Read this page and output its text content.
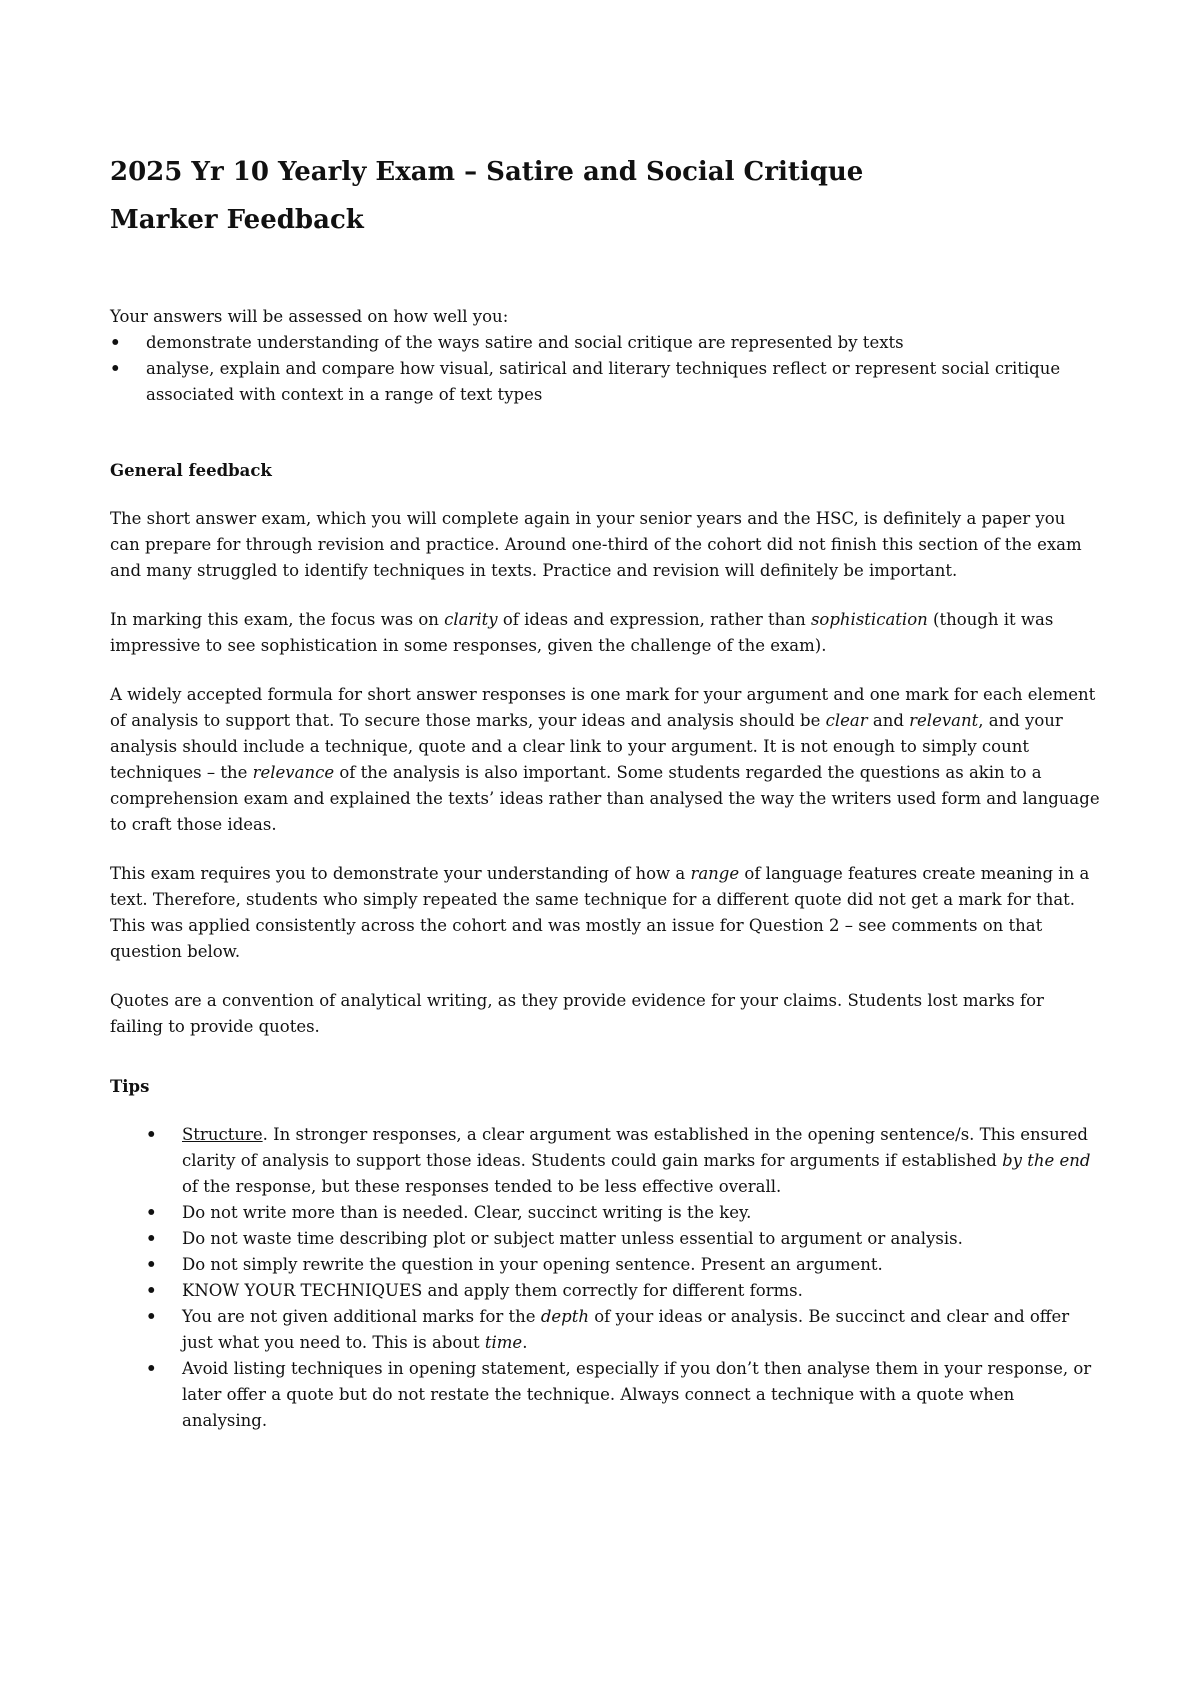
2025 Yr 10 Yearly Exam – Satire and Social Critique
Marker Feedback

Your answers will be assessed on how well you:

• demonstrate understanding of the ways satire and social critique are represented by texts
• analyse, explain and compare how visual, satirical and literary techniques reflect or represent social critique associated with context in a range of text types
General feedback

The short answer exam, which you will complete again in your senior years and the HSC, is definitely a paper you can prepare for through revision and practice. Around one-third of the cohort did not finish this section of the exam and many struggled to identify techniques in texts. Practice and revision will definitely be important.

In marking this exam, the focus was on clarity of ideas and expression, rather than sophistication (though it was impressive to see sophistication in some responses, given the challenge of the exam).

A widely accepted formula for short answer responses is one mark for your argument and one mark for each element of analysis to support that. To secure those marks, your ideas and analysis should be clear and relevant, and your analysis should include a technique, quote and a clear link to your argument. It is not enough to simply count techniques – the relevance of the analysis is also important. Some students regarded the questions as akin to a comprehension exam and explained the texts’ ideas rather than analysed the way the writers used form and language to craft those ideas.

This exam requires you to demonstrate your understanding of how a range of language features create meaning in a text. Therefore, students who simply repeated the same technique for a different quote did not get a mark for that. This was applied consistently across the cohort and was mostly an issue for Question 2 – see comments on that question below.

Quotes are a convention of analytical writing, as they provide evidence for your claims. Students lost marks for failing to provide quotes.

Tips
• Structure. In stronger responses, a clear argument was established in the opening sentence/s. This ensured clarity of analysis to support those ideas. Students could gain marks for arguments if established by the end of the response, but these responses tended to be less effective overall.
• Do not write more than is needed. Clear, succinct writing is the key.
• Do not waste time describing plot or subject matter unless essential to argument or analysis.
• Do not simply rewrite the question in your opening sentence. Present an argument.
• KNOW YOUR TECHNIQUES and apply them correctly for different forms.
• You are not given additional marks for the depth of your ideas or analysis. Be succinct and clear and offer just what you need to. This is about time.
• Avoid listing techniques in opening statement, especially if you don’t then analyse them in your response, or later offer a quote but do not restate the technique. Always connect a technique with a quote when analysing.
